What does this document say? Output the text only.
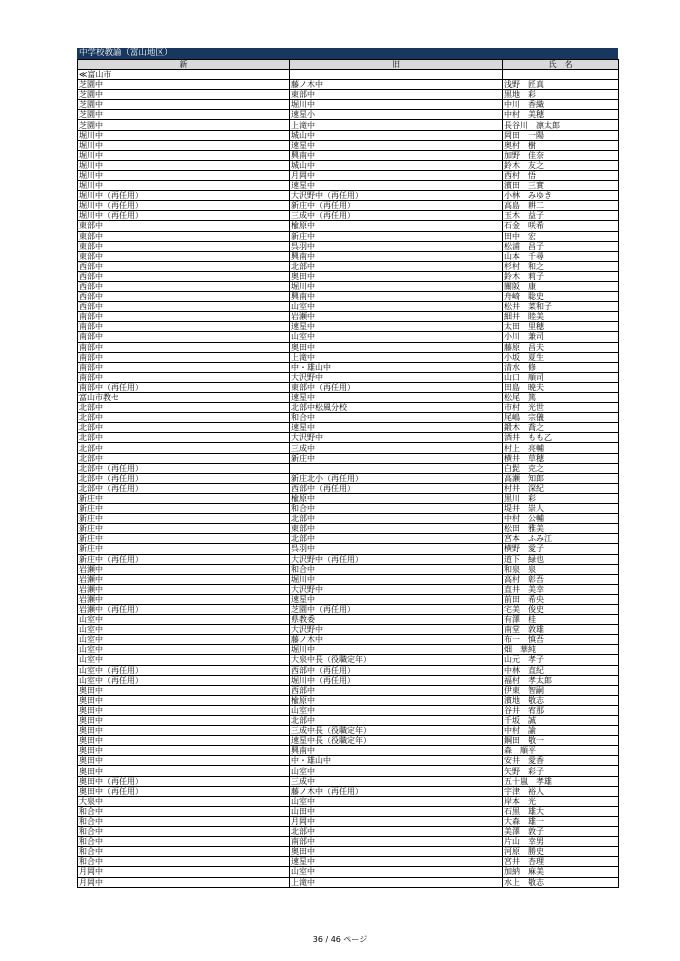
中学校教諭（富山地区）
新	旧	氏　名
≪富山市		
芝園中	藤ノ木中	浅野　匠真
芝園中	東部中	黒地　彩
芝園中	堀川中	中川　香織
芝園中	速星小	中村　美穂
芝園中	上滝中	長谷川　凛太郎
堀川中	城山中	岡田　一陽
堀川中	速星中	奥村　樹
堀川中	興南中	加野　佳奈
堀川中	城山中	鈴木　友之
堀川中	月岡中	西村　悟
堀川中	速星中	濱田　三實
堀川中（再任用）	大沢野中（再任用）	小林　みゆき
堀川中（再任用）	新庄中（再任用）	高島　耕二
堀川中（再任用）	三成中（再任用）	玉木　益子
東部中	楡原中	石金　咲希
東部中	新庄中	田中　宏
東部中	呉羽中	松浦　昌子
東部中	興南中	山本　千尋
西部中	北部中	杉村　和之
西部中	奥田中	鈴木　莉子
西部中	堀川中	關阪　康
西部中	興南中	舟崎　聡史
西部中	山室中	松井　菜和子
南部中	岩瀬中	細井　睦美
南部中	速星中	太田　里穂
南部中	山室中	小川　兼司
南部中	奥田中	藤原　昌夫
南部中	上滝中	小坂　夏生
南部中	中・雄山中	清水　修
南部中	大沢野中	山口　順司
南部中（再任用）	東部中（再任用）	田島　暁夫
富山市教セ	速星中	松尾　篤
北部中	北部中松風分校	市村　光世
北部中	和合中	尾嶋　宗儀
北部中	速星中	鍛木　喬之
北部中	大沢野中	酒井　もも乙
北部中	三成中	村上　亮輔
北部中	新庄中	横井　草穂
北部中（再任用）		白髭　克之
北部中（再任用）	新庄北小（再任用）	高瀬　知郎
北部中（再任用）	西部中（再任用）	村井　深紀
新庄中	楡原中	黒川　彩
新庄中	和合中	堤井　崇人
新庄中	北部中	中村　公輔
新庄中	東部中	松田　雅美
新庄中	北部中	宮本　ふみ江
新庄中	呉羽中	横野　愛子
新庄中（再任用）	大沢野中（再任用）	道下　緑也
岩瀬中	和合中	和泉　泉
岩瀬中	堀川中	高村　彰吾
岩瀬中	大沢野中	直井　美幸
岩瀬中	速星中	前田　希央
岩瀬中（再任用）	芝園中（再任用）	宅美　俊史
山室中	県教委	有澤　桂
山室中	大沢野中	南堂　敦雄
山室中	藤ノ木中	布一　慎吾
山室中	堀川中	畑　華純
山室中	大泉中長（役職定年）	山元　孝子
山室中（再任用）	西部中（再任用）	中林　直紀
山室中（再任用）	堀川中（再任用）	福村　孝太郎
奥田中	西部中	伊東　智嗣
奥田中	楡原中	濱地　敬志
奥田中	山室中	谷井　宥那
奥田中	北部中	千坂　誠
奥田中	三成中長（役職定年）	中村　諭
奥田中	速星中長（役職定年）	鋼田　敬一
奥田中	興南中	森　順平
奥田中	中・雄山中	安井　愛香
奥田中	山室中	矢野　彩子
奥田中（再任用）	三成中	五十嵐　孝雄
奥田中（再任用）	藤ノ木中（再任用）	宇津　裕人
大泉中	山室中	岸本　光
和合中	山田中	石黒　雄大
和合中	月岡中	大森　雄一
和合中	北部中	美澤　敦子
和合中	南部中	片山　幸男
和合中	奥田中	河原　勝史
和合中	速星中	宮井　杏理
月岡中	山室中	加納　麻美
月岡中	上滝中	水上　敬志
36 / 46 ページ
